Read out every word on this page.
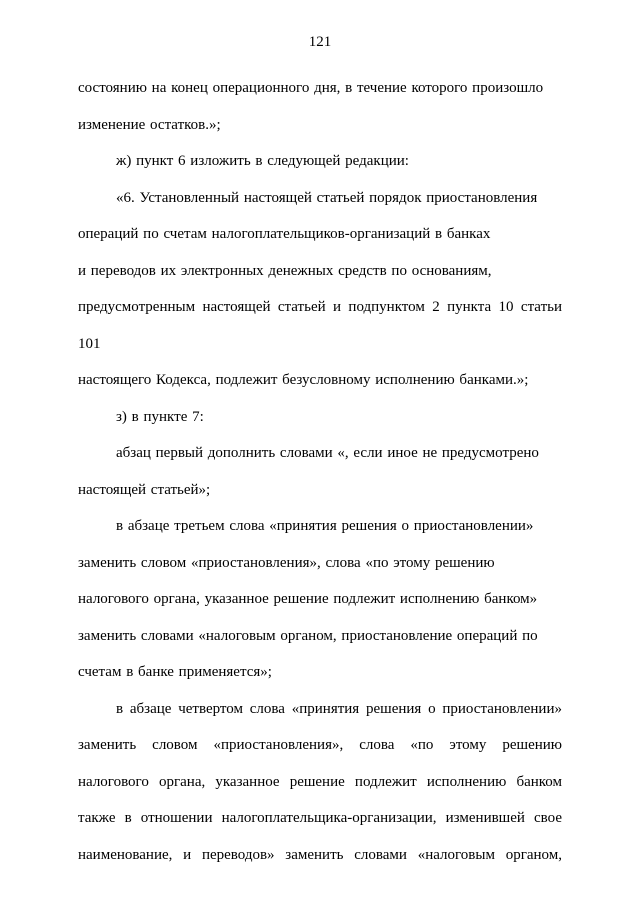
121

состоянию на конец операционного дня, в течение которого произошло
изменение остатков.»;

ж) пункт 6 изложить в следующей редакции:

«6. Установленный настоящей статьей порядок приостановления
операций по счетам налогоплательщиков-организаций в банках
и переводов их электронных денежных средств по основаниям,
предусмотренным настоящей статьей и подпунктом 2 пункта 10 статьи 101
настоящего Кодекса, подлежит безусловному исполнению банками.»;

з) в пункте 7:

абзац первый дополнить словами «, если иное не предусмотрено
настоящей статьей»;

в абзаце третьем слова «принятия решения о приостановлении»
заменить словом «приостановления», слова «по этому решению
налогового органа, указанное решение подлежит исполнению банком»
заменить словами «налоговым органом, приостановление операций по
счетам в банке применяется»;

в абзаце четвертом слова «принятия решения о приостановлении»
заменить словом «приостановления», слова «по этому решению
налогового органа, указанное решение подлежит исполнению банком
также в отношении налогоплательщика-организации, изменившей свое
наименование, и переводов» заменить словами «налоговым органом,
